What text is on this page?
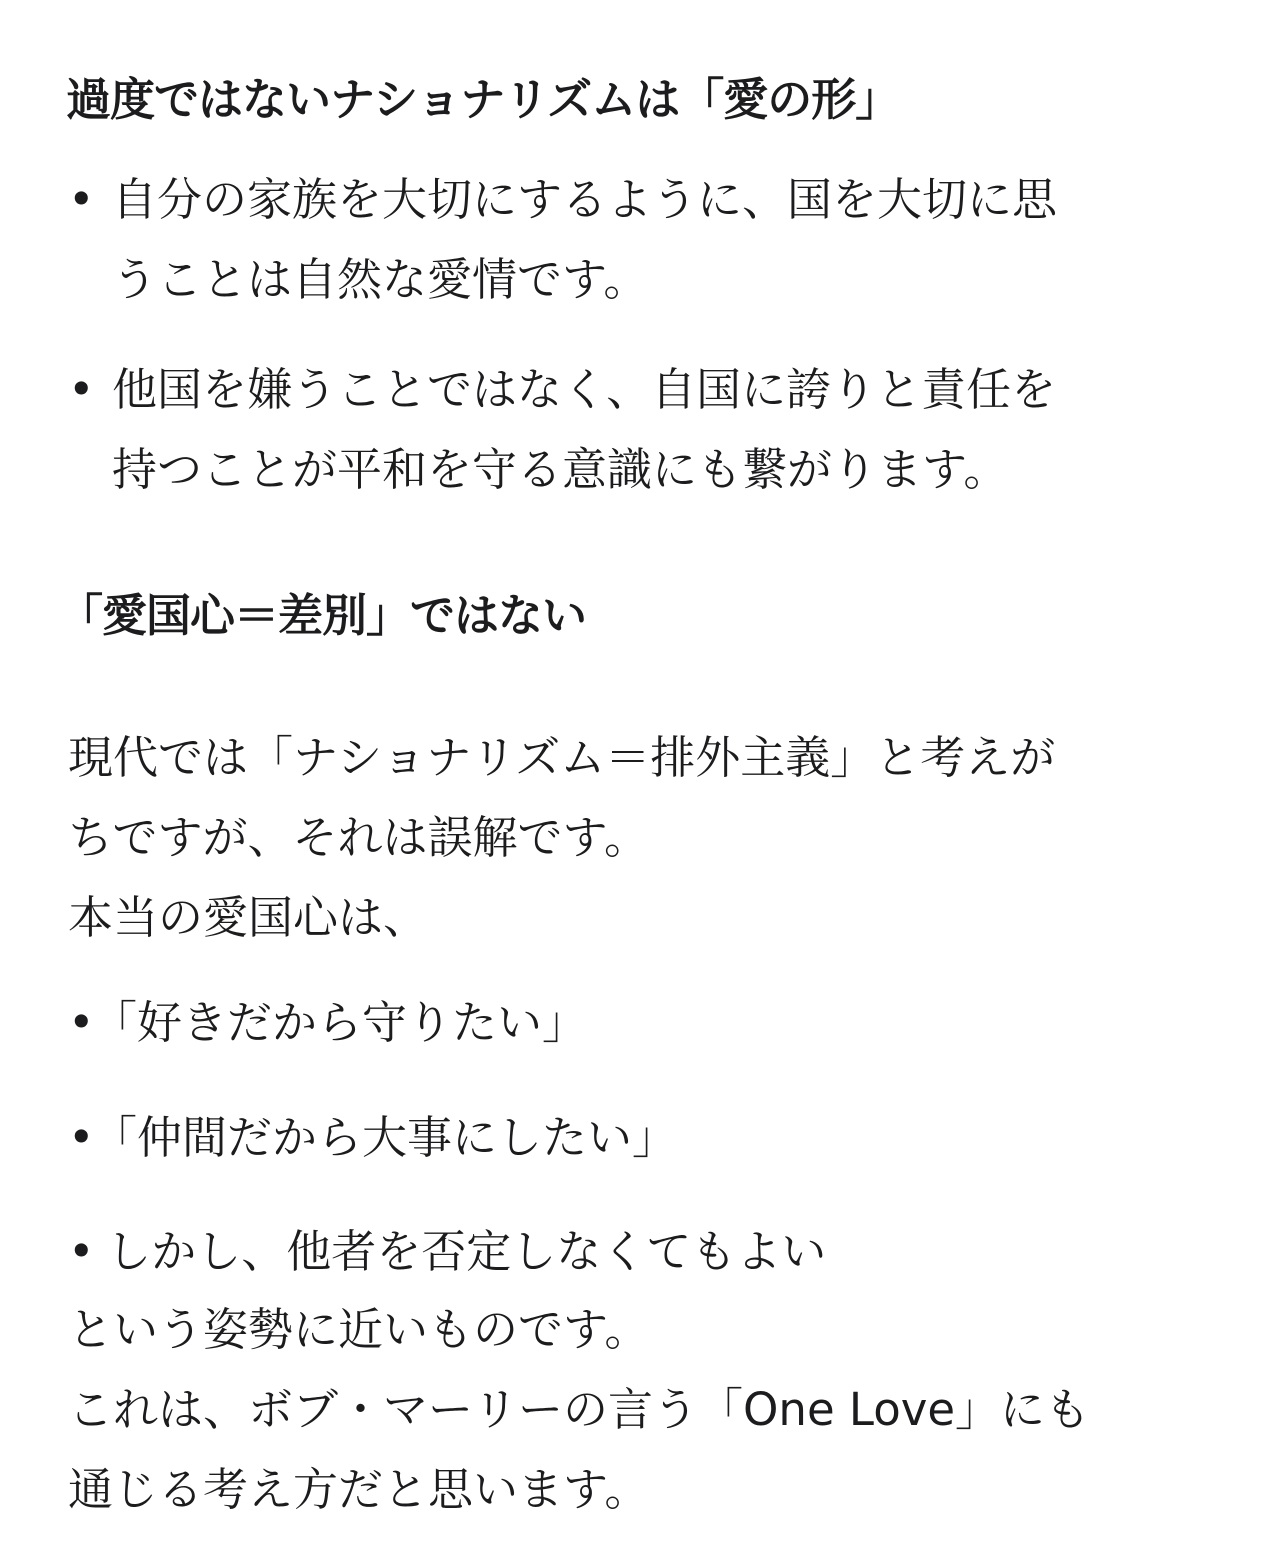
過度ではないナショナリズムは「愛の形」
• 自分の家族を大切にするように、国を大切に思
うことは自然な愛情です。
• 他国を嫌うことではなく、自国に誇りと責任を
持つことが平和を守る意識にも繋がります。
「愛国心＝差別」ではない

現代では「ナショナリズム＝排外主義」と考えが
ちですが、それは誤解です。
本当の愛国心は、

•「好きだから守りたい」
•「仲間だから大事にしたい」
• しかし、他者を否定しなくてもよい

という姿勢に近いものです。
これは、ボブ・マーリーの言う「One Love」にも
通じる考え方だと思います。
